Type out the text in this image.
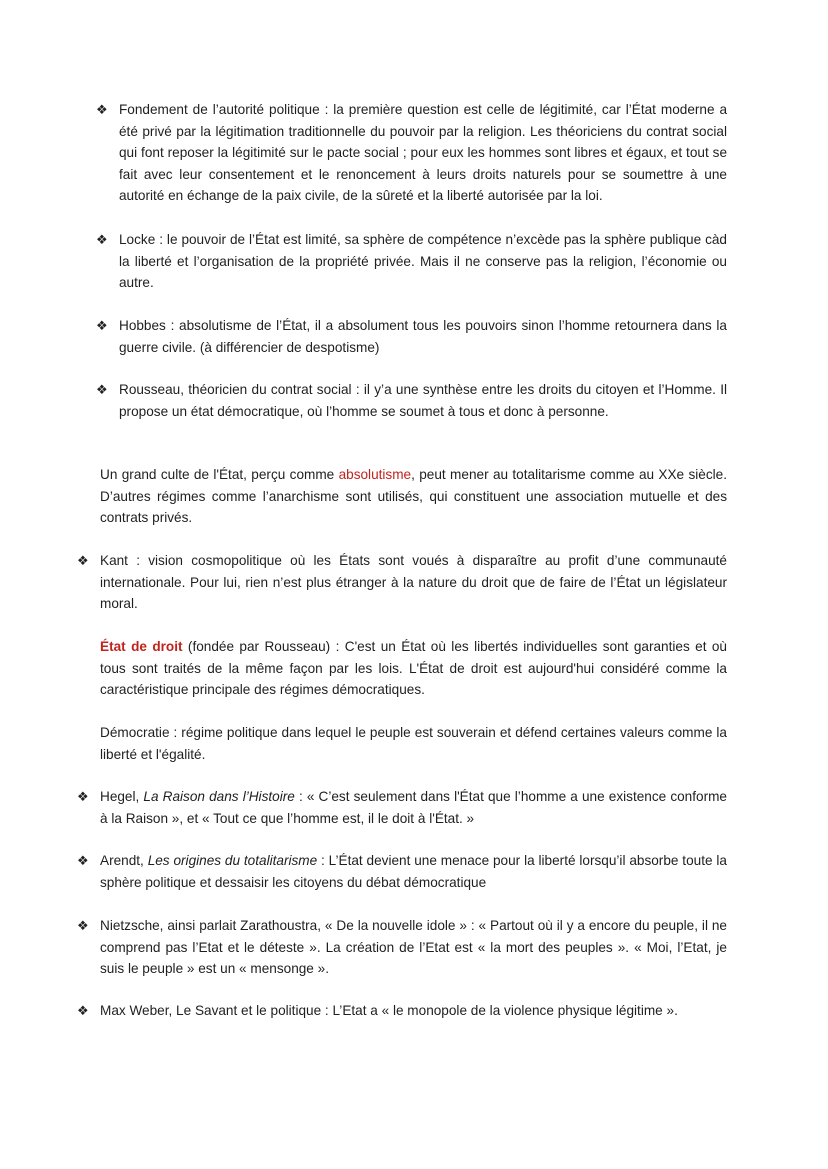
❖ Fondement de l’autorité politique : la première question est celle de légitimité, car l’État moderne a été privé par la légitimation traditionnelle du pouvoir par la religion. Les théoriciens du contrat social qui font reposer la légitimité sur le pacte social ; pour eux les hommes sont libres et égaux, et tout se fait avec leur consentement et le renoncement à leurs droits naturels pour se soumettre à une autorité en échange de la paix civile, de la sûreté et la liberté autorisée par la loi.

❖ Locke : le pouvoir de l’État est limité, sa sphère de compétence n’excède pas la sphère publique càd la liberté et l’organisation de la propriété privée. Mais il ne conserve pas la religion, l’économie ou autre.

❖ Hobbes : absolutisme de l’État, il a absolument tous les pouvoirs sinon l’homme retournera dans la guerre civile. (à différencier de despotisme)

❖ Rousseau, théoricien du contrat social : il y’a une synthèse entre les droits du citoyen et l’Homme. Il propose un état démocratique, où l’homme se soumet à tous et donc à personne.

Un grand culte de l'État, perçu comme absolutisme, peut mener au totalitarisme comme au XXe siècle. D’autres régimes comme l’anarchisme sont utilisés, qui constituent une association mutuelle et des contrats privés.

❖ Kant : vision cosmopolitique où les États sont voués à disparaître au profit d’une communauté internationale. Pour lui, rien n’est plus étranger à la nature du droit que de faire de l’État un législateur moral.

État de droit (fondée par Rousseau) : C'est un État où les libertés individuelles sont garanties et où tous sont traités de la même façon par les lois. L'État de droit est aujourd'hui considéré comme la caractéristique principale des régimes démocratiques.

Démocratie : régime politique dans lequel le peuple est souverain et défend certaines valeurs comme la liberté et l'égalité.

❖ Hegel, La Raison dans l’Histoire : « C’est seulement dans l'État que l’homme a une existence conforme à la Raison », et « Tout ce que l’homme est, il le doit à l'État. »

❖ Arendt, Les origines du totalitarisme : L’État devient une menace pour la liberté lorsqu’il absorbe toute la sphère politique et dessaisir les citoyens du débat démocratique

❖ Nietzsche, ainsi parlait Zarathoustra, « De la nouvelle idole » : « Partout où il y a encore du peuple, il ne comprend pas l’Etat et le déteste ». La création de l’Etat est « la mort des peuples ». « Moi, l’Etat, je suis le peuple » est un « mensonge ».

❖ Max Weber, Le Savant et le politique : L’Etat a « le monopole de la violence physique légitime ».
